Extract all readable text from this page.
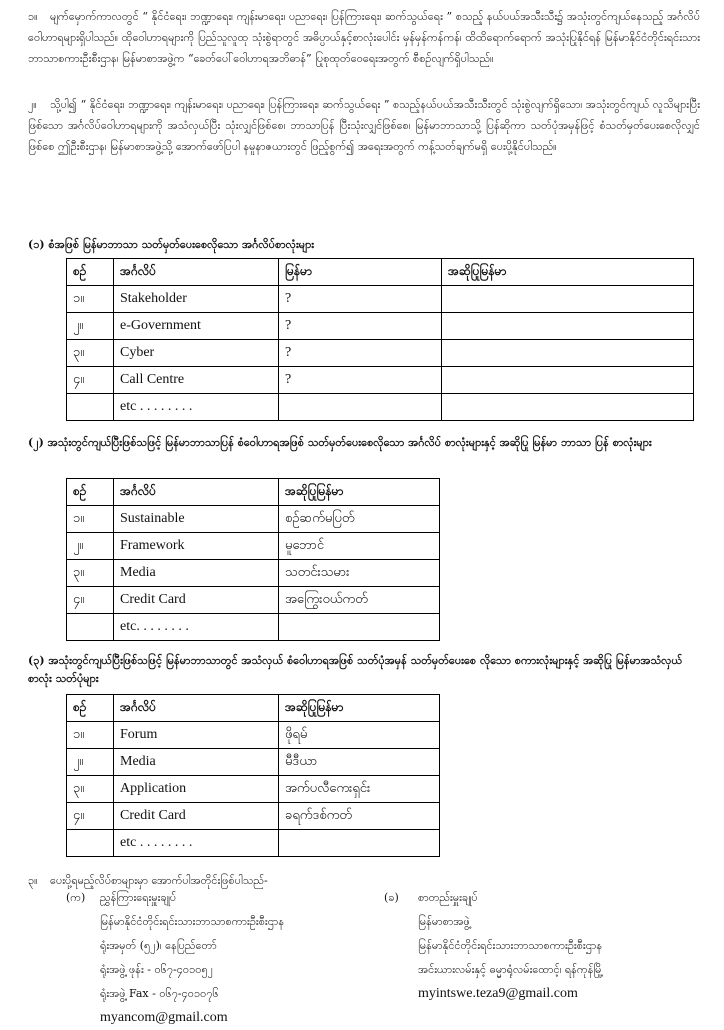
၁။ မျက်မှောက်ကာလတွင် “ နိုင်ငံရေး၊ ဘဏ္ဍာရေး၊ ကျန်းမာရေး၊ ပညာရေး၊ ပြန်ကြားရေး၊ ဆက်သွယ်ရေး ” စသည့် နယ်ပယ်အသီးသီး၌ အသုံးတွင်ကျယ်နေသည့် အင်္ဂလိပ်ဝေါဟာရများရှိပါသည်။ ထိုဝေါဟာရများကို ပြည်သူလူထု သုံးစွဲရာတွင် အဓိပ္ပာယ်နှင့်စာလုံးပေါင်း မှန်မှန်ကန်ကန်၊ ထိထိရောက်ရောက် အသုံးပြုနိုင်ရန် မြန်မာနိုင်ငံတိုင်းရင်းသားဘာသာစကားဦးစီးဌာန၊ မြန်မာစာအဖွဲ့က “ခေတ်ပေါ်ဝေါဟာရအဘိဓာန်” ပြုစုထုတ်ဝေရေးအတွက် စီစဉ်လျက်ရှိပါသည်။
၂။ သို့ပါ၍ “ နိုင်ငံရေး၊ ဘဏ္ဍာရေး၊ ကျန်းမာရေး၊ ပညာရေး၊ ပြန်ကြားရေး၊ ဆက်သွယ်ရေး ” စသည့်နယ်ပယ်အသီးသီးတွင် သုံးစွဲလျက်ရှိသော၊ အသုံးတွင်ကျယ် လူသိများပြီးဖြစ်သော အင်္ဂလိပ်ဝေါဟာရများကို အသံလှယ်ပြီး သုံးလျှင်ဖြစ်စေ၊ ဘာသာပြန် ပြီးသုံးလျှင်ဖြစ်စေ၊ မြန်မာဘာသာသို့ ပြန်ဆိုကာ သတ်ပုံအမှန်ဖြင့် စံသတ်မှတ်ပေးစေလိုလျှင်ဖြစ်စေ ဤဦးစီးဌာန၊ မြန်မာစာအဖွဲ့သို့ အောက်ဖော်ပြပါ နမူနာဇယားတွင် ဖြည့်စွက်၍ အရေးအတွက် ကန့်သတ်ချက်မရှိ ပေးပို့နိုင်ပါသည်။
(၁) စံအဖြစ် မြန်မာဘာသာ သတ်မှတ်ပေးစေလိုသော အင်္ဂလိပ်စာလုံးများ
စဉ်	အင်္ဂလိပ်	မြန်မာ	အဆိုပြုမြန်မာ
၁။	Stakeholder	?	
၂။	e-Government	?	
၃။	Cyber	?	
၄။	Call Centre	?	
	etc . . . . . . . .		
(၂) အသုံးတွင်ကျယ်ပြီးဖြစ်သဖြင့် မြန်မာဘာသာပြန် စံဝေါဟာရအဖြစ် သတ်မှတ်ပေးစေလိုသော အင်္ဂလိပ် စာလုံးများနှင့် အဆိုပြု မြန်မာ ဘာသာ ပြန် စာလုံးများ
စဉ်	အင်္ဂလိပ်	အဆိုပြုမြန်မာ
၁။	Sustainable	စဉ်ဆက်မပြတ်
၂။	Framework	မူဘောင်
၃။	Media	သတင်းသမား
၄။	Credit Card	အကြွေးဝယ်ကတ်
	etc. . . . . . . .	
(၃) အသုံးတွင်ကျယ်ပြီးဖြစ်သဖြင့် မြန်မာဘာသာတွင် အသံလှယ် စံဝေါဟာရအဖြစ် သတ်ပုံအမှန် သတ်မှတ်ပေးစေ လိုသော စကားလုံးများနှင့် အဆိုပြု မြန်မာအသံလှယ်စာလုံး သတ်ပုံများ
စဉ်	အင်္ဂလိပ်	အဆိုပြုမြန်မာ
၁။	Forum	ဖိုရမ်
၂။	Media	မီဒီယာ
၃။	Application	အက်ပလီကေးရှင်း
၄။	Credit Card	ခရက်ဒစ်ကတ်
	etc . . . . . . . .	
၃။ ပေးပို့ရမည့်လိပ်စာများမှာ အောက်ပါအတိုင်းဖြစ်ပါသည်-
(က) ညွှန်ကြားရေးမှူးချုပ်
မြန်မာနိုင်ငံတိုင်းရင်းသားဘာသာစကားဦးစီးဌာန
ရုံးအမှတ် (၅၂)၊ နေပြည်တော်
ရုံးအဖွဲ့ ဖုန်း - ၀၆၇-၄၀၁၀၅၂
ရုံးအဖွဲ့ Fax - ၀၆၇-၄၀၁၀၇၆
myancom@gmail.com
(ခ) စာတည်းမှူးချုပ်
မြန်မာစာအဖွဲ့
မြန်မာနိုင်ငံတိုင်းရင်းသားဘာသာစကားဦးစီးဌာန
အင်းယားလမ်းနှင့် ဓမ္မာရုံလမ်းထောင့်၊ ရန်ကုန်မြို့
myintswe.teza9@gmail.com
